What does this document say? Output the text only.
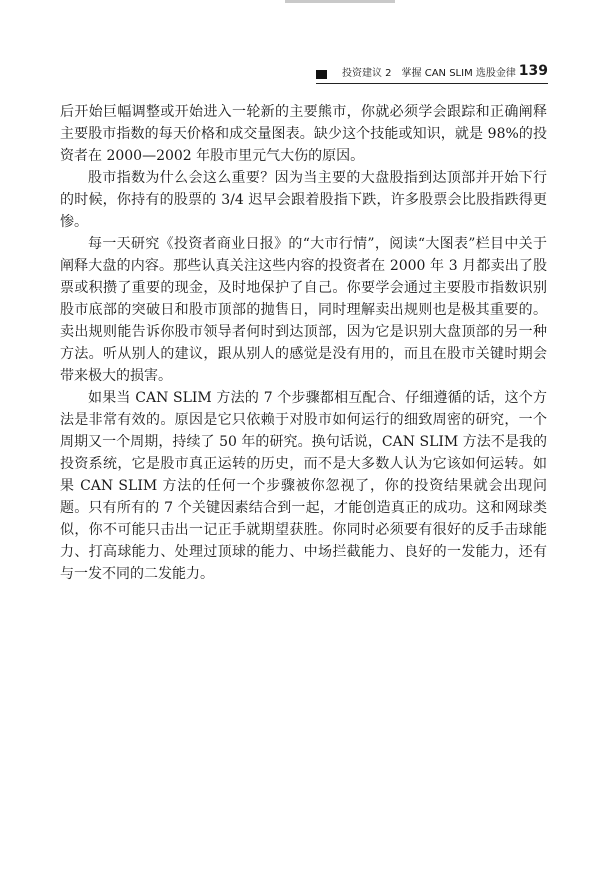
投资建议 2　掌握 CAN SLIM 选股金律 139

后开始巨幅调整或开始进入一轮新的主要熊市，你就必须学会跟踪和正确阐释主要股市指数的每天价格和成交量图表。缺少这个技能或知识，就是 98%的投资者在 2000—2002 年股市里元气大伤的原因。

股市指数为什么会这么重要？因为当主要的大盘股指到达顶部并开始下行的时候，你持有的股票的 3/4 迟早会跟着股指下跌，许多股票会比股指跌得更惨。

每一天研究《投资者商业日报》的“大市行情”，阅读“大图表”栏目中关于阐释大盘的内容。那些认真关注这些内容的投资者在 2000 年 3 月都卖出了股票或积攒了重要的现金，及时地保护了自己。你要学会通过主要股市指数识别股市底部的突破日和股市顶部的抛售日，同时理解卖出规则也是极其重要的。卖出规则能告诉你股市领导者何时到达顶部，因为它是识别大盘顶部的另一种方法。听从别人的建议，跟从别人的感觉是没有用的，而且在股市关键时期会带来极大的损害。

如果当 CAN SLIM 方法的 7 个步骤都相互配合、仔细遵循的话，这个方法是非常有效的。原因是它只依赖于对股市如何运行的细致周密的研究，一个周期又一个周期，持续了 50 年的研究。换句话说，CAN SLIM 方法不是我的投资系统，它是股市真正运转的历史，而不是大多数人认为它该如何运转。如果 CAN SLIM 方法的任何一个步骤被你忽视了，你的投资结果就会出现问题。只有所有的 7 个关键因素结合到一起，才能创造真正的成功。这和网球类似，你不可能只击出一记正手就期望获胜。你同时必须要有很好的反手击球能力、打高球能力、处理过顶球的能力、中场拦截能力、良好的一发能力，还有与一发不同的二发能力。
